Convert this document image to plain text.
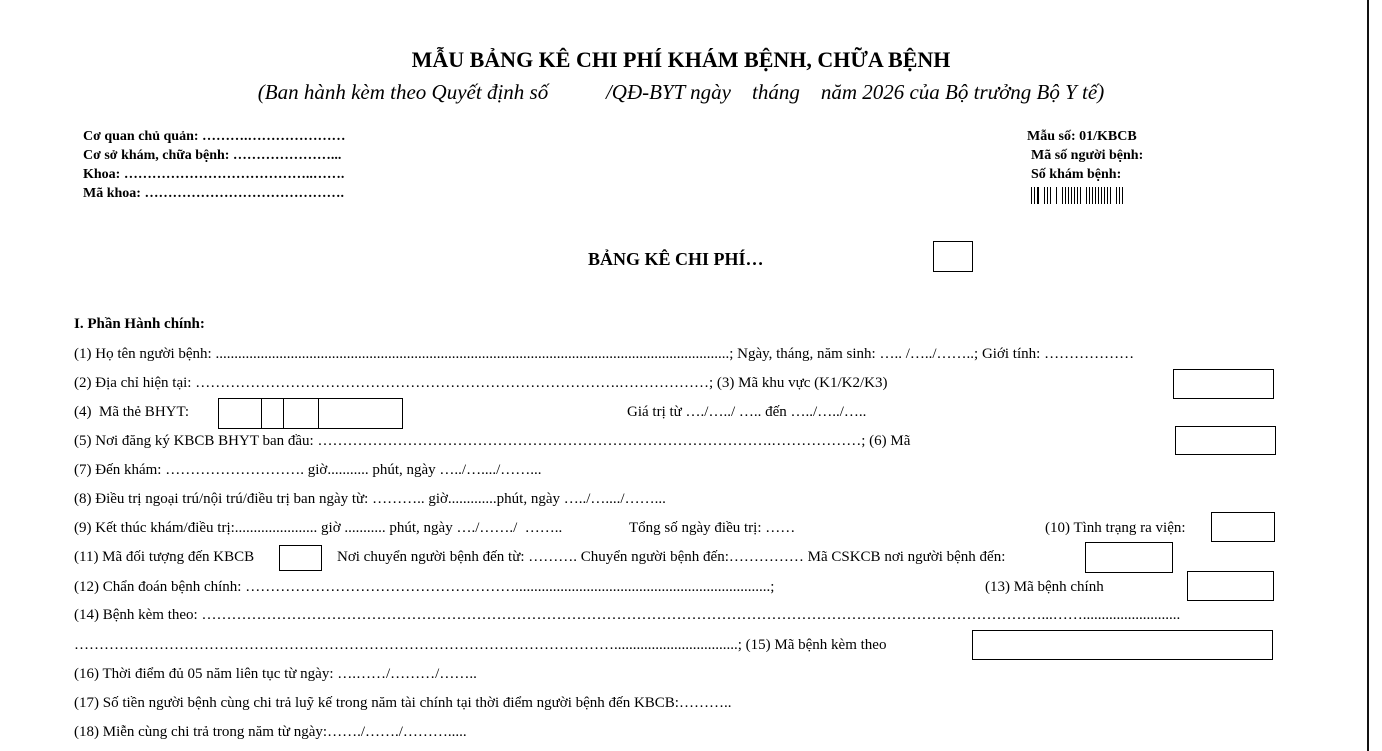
MẪU BẢNG KÊ CHI PHÍ KHÁM BỆNH, CHỮA BỆNH
(Ban hành kèm theo Quyết định số           /QĐ-BYT ngày    tháng    năm 2026 của Bộ trưởng Bộ Y tế)
Cơ quan chủ quản: ……….…………………
Cơ sở khám, chữa bệnh: …………………...
Khoa: …………………………………..…….
Mã khoa: …………………………………….
Mẫu số: 01/KBCB
Mã số người bệnh:
Số khám bệnh:
BẢNG KÊ CHI PHÍ…
I. Phần Hành chính:
(1) Họ tên người bệnh: .........................................................................................................................................; Ngày, tháng, năm sinh: ….. /…../……..; Giới tính: ………………
(2) Địa chỉ hiện tại: ………………………………………………………………………….………………; (3) Mã khu vực (K1/K2/K3)
(4)  Mã thẻ BHYT:	Giá trị từ …./…../ ….. đến …../…../…..
(5) Nơi đăng ký KBCB BHYT ban đầu: ……………………………………………………………………………….………………; (6) Mã
(7) Đến khám: ………………………. giờ........... phút, ngày …../…..../……...
(8) Điều trị ngoại trú/nội trú/điều trị ban ngày từ: ……….. giờ.............phút, ngày …../…..../……...
(9) Kết thúc khám/điều trị:...................... giờ ........... phút, ngày …./……./  ……..	Tổng số ngày điều trị: ……	(10) Tình trạng ra viện:
(11) Mã đối tượng đến KBCB	Nơi chuyển người bệnh đến từ: ………. Chuyển người bệnh đến:…………… Mã CSKCB nơi người bệnh đến:
(12) Chẩn đoán bệnh chính: ………………………………………………....................................................................;	(13) Mã bệnh chính
(14) Bệnh kèm theo: ……………………………………………………………………………………………………………………………………………………...……..........................
……………………………………………………………………………………………….................................; (15) Mã bệnh kèm theo
(16) Thời điểm đủ 05 năm liên tục từ ngày: ….……/………/……..
(17) Số tiền người bệnh cùng chi trả luỹ kế trong năm tài chính tại thời điểm người bệnh đến KBCB:………..
(18) Miễn cùng chi trả trong năm từ ngày:……./……./……….....
